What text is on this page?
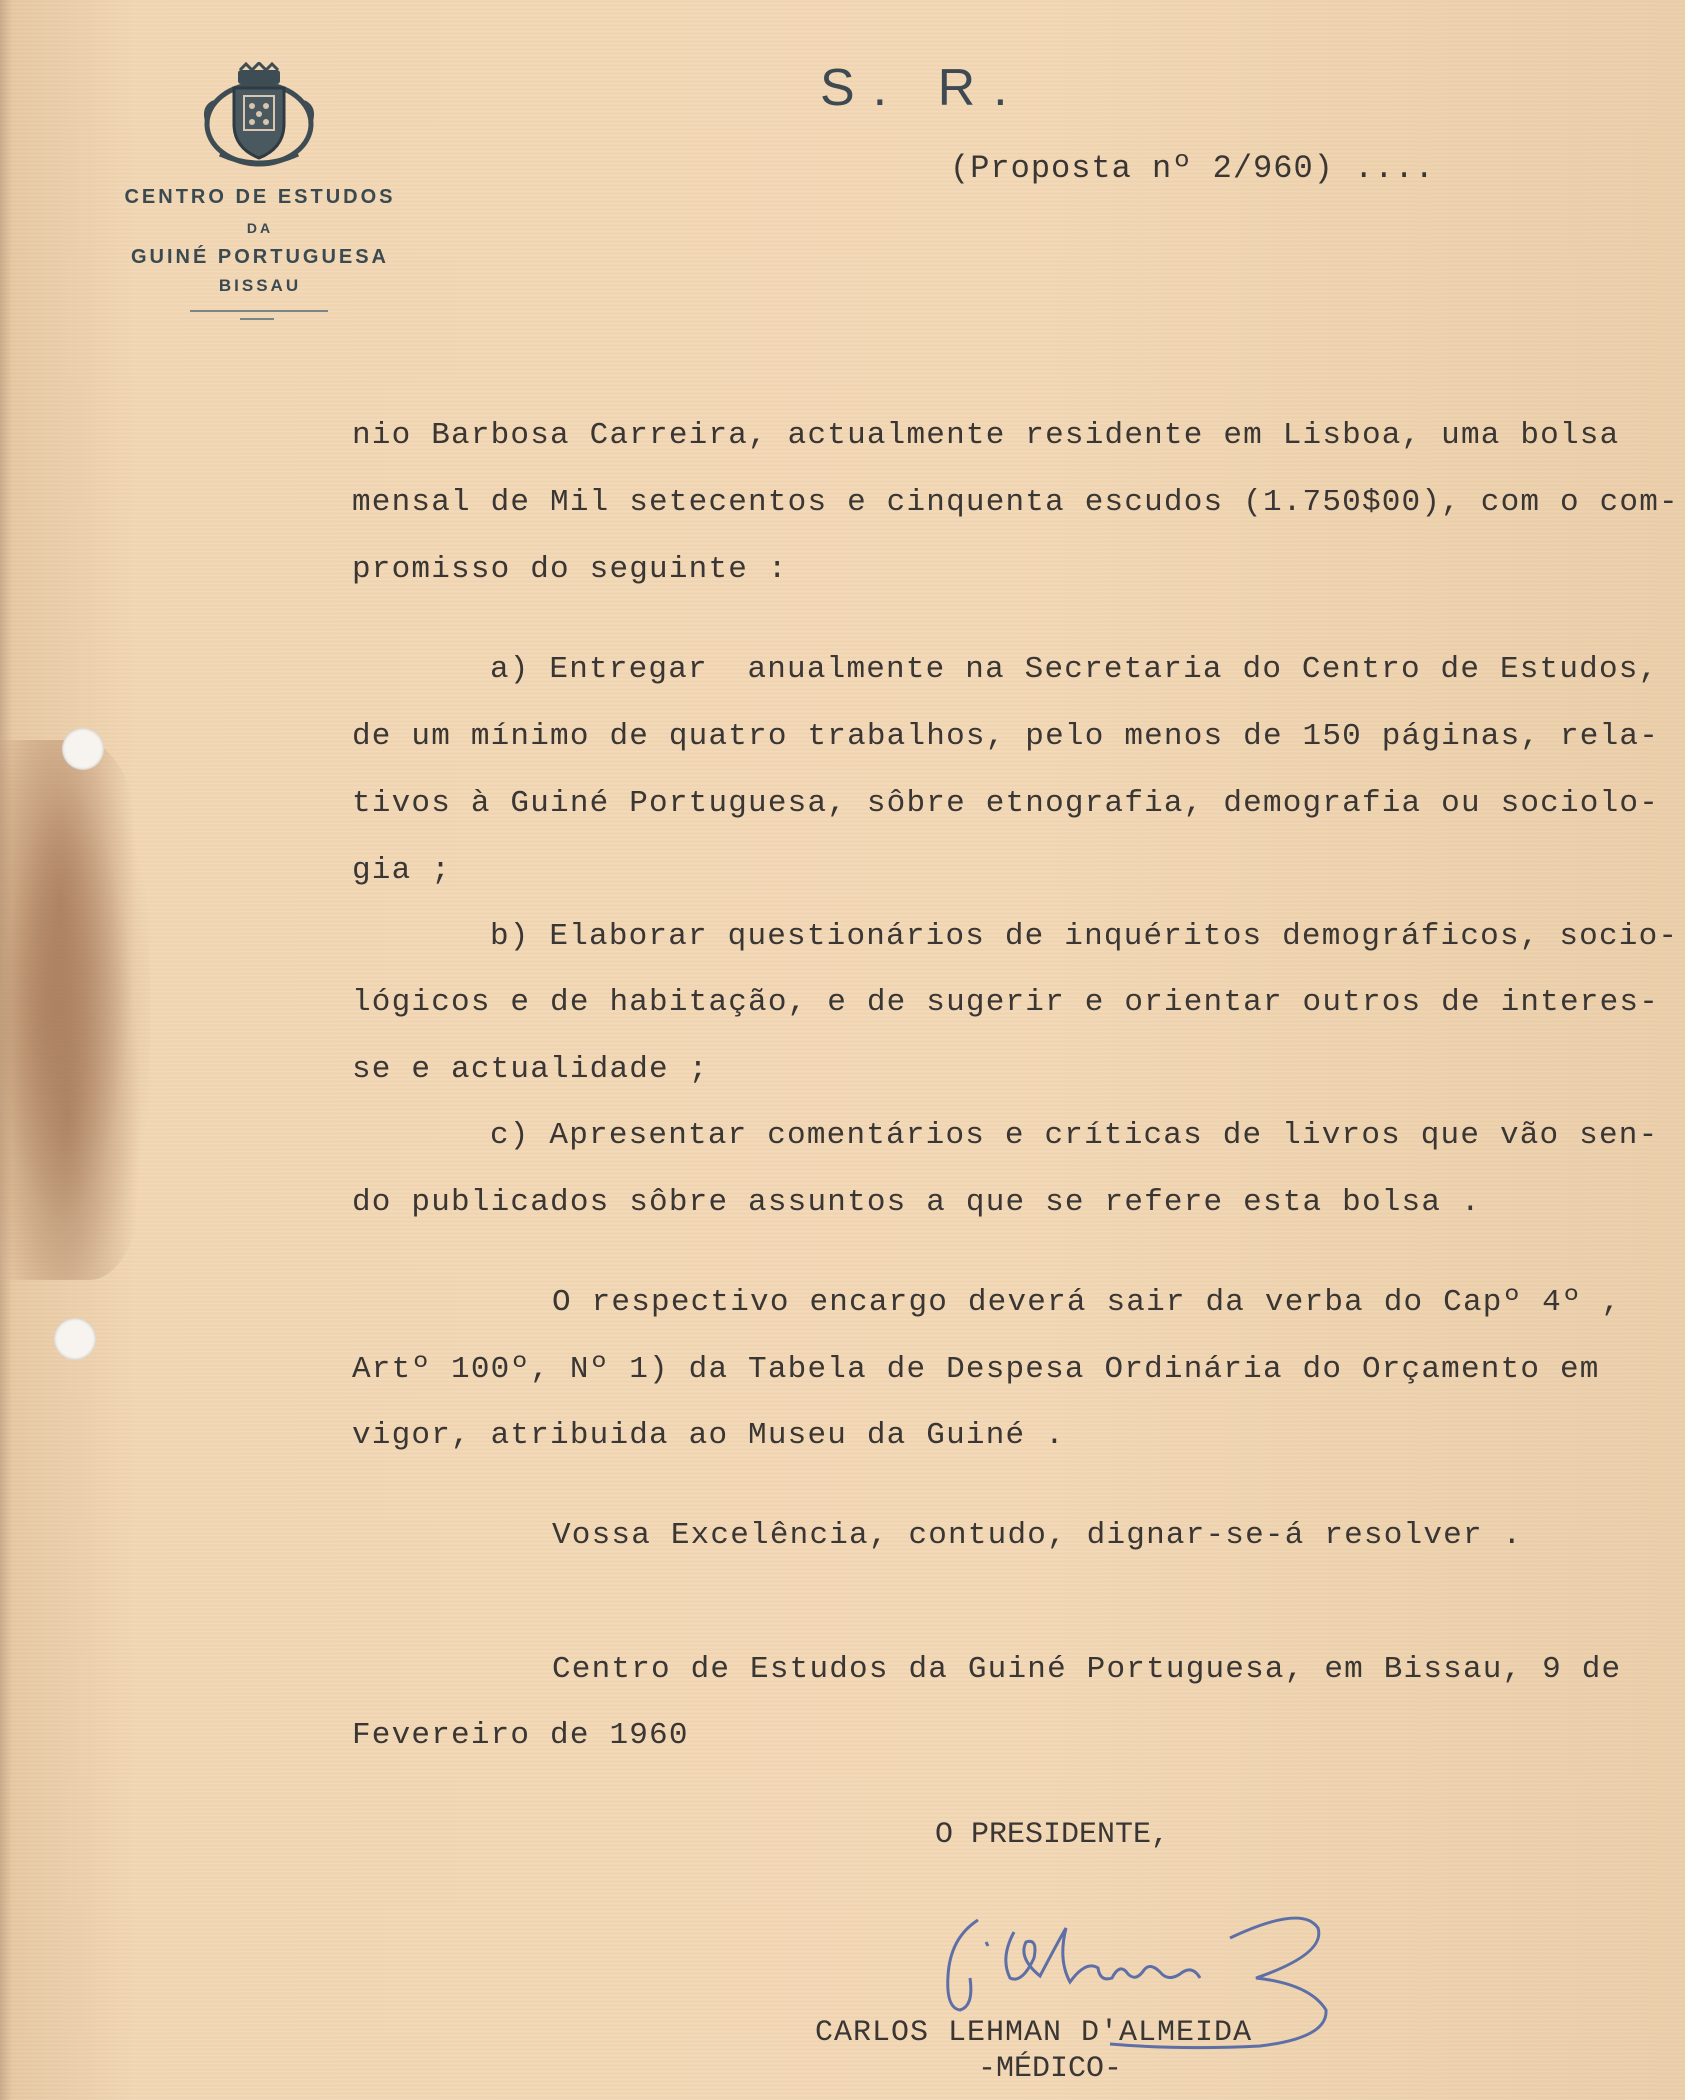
CENTRO DE ESTUDOS
DA
GUINÉ PORTUGUESA
BISSAU
S. R.
(Proposta nº 2/960) ....
nio Barbosa Carreira, actualmente residente em Lisboa, uma bolsa
mensal de Mil setecentos e cinquenta escudos (1.750$00), com o com-
promisso do seguinte :
a) Entregar  anualmente na Secretaria do Centro de Estudos,
de um mínimo de quatro trabalhos, pelo menos de 150 páginas, rela-
tivos à Guiné Portuguesa, sôbre etnografia, demografia ou sociolo-
gia ;
b) Elaborar questionários de inquéritos demográficos, socio-
lógicos e de habitação, e de sugerir e orientar outros de interes-
se e actualidade ;
c) Apresentar comentários e críticas de livros que vão sen-
do publicados sôbre assuntos a que se refere esta bolsa .
O respectivo encargo deverá sair da verba do Capº 4º ,
Artº 100º, Nº 1) da Tabela de Despesa Ordinária do Orçamento em
vigor, atribuida ao Museu da Guiné .
Vossa Excelência, contudo, dignar-se-á resolver .
Centro de Estudos da Guiné Portuguesa, em Bissau, 9 de
Fevereiro de 1960
O PRESIDENTE,
CARLOS LEHMAN D'ALMEIDA
-MÉDICO-
